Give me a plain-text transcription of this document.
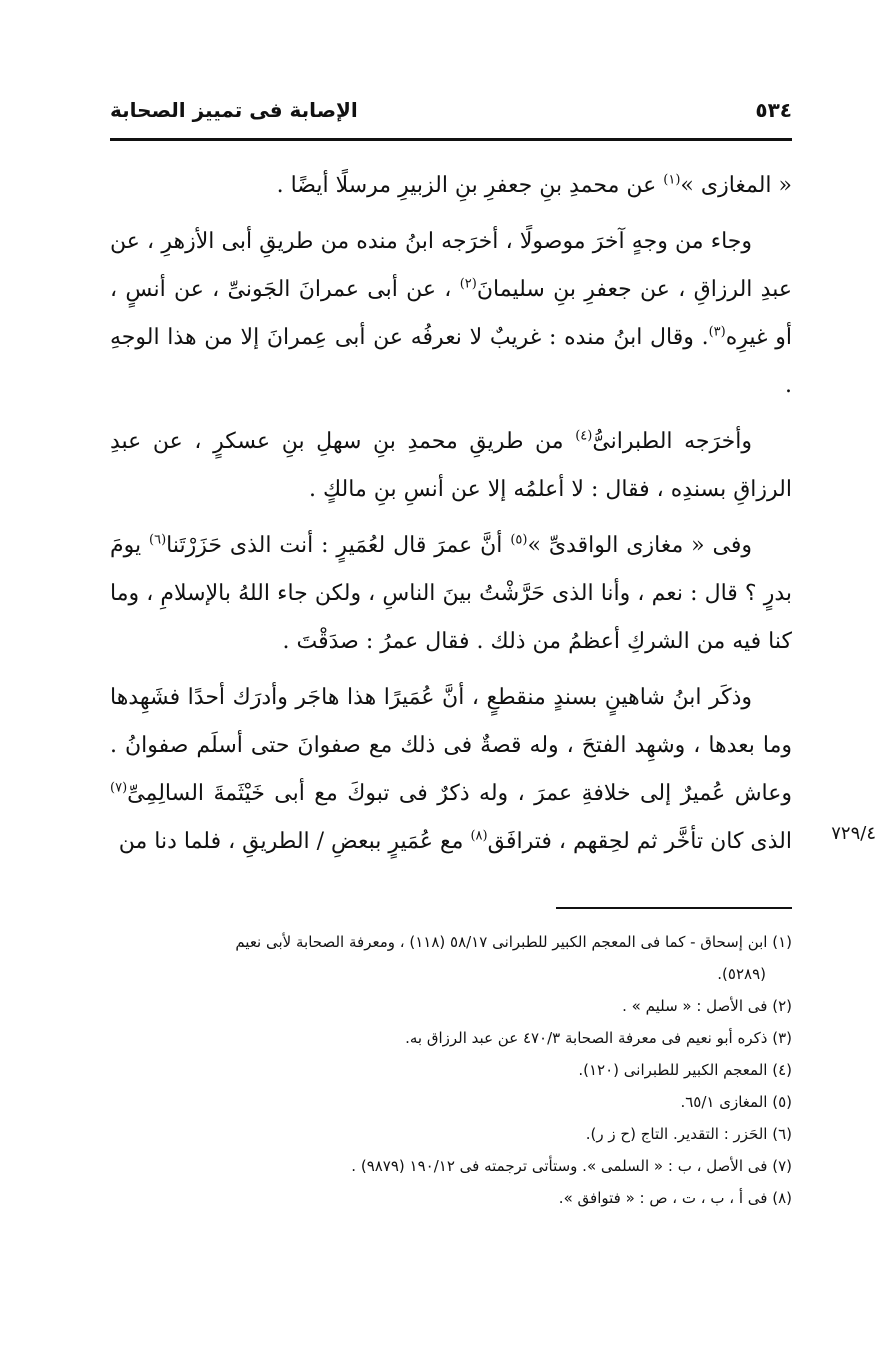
٥٣٤
الإصابة فى تمييز الصحابة

« المغازى »$^{(١)}$ عن محمدِ بنِ جعفرِ بنِ الزبيرِ مرسلًا أيضًا .

وجاء من وجهٍ آخرَ موصولًا ، أخرَجه ابنُ منده من طريقِ أبى الأزهرِ ، عن عبدِ الرزاقِ ، عن جعفرِ بنِ سليمانَ$^{(٢)}$ ، عن أبى عمرانَ الجَونىِّ ، عن أنسٍ ، أو غيرِه$^{(٣)}$. وقال ابنُ منده : غريبٌ لا نعرفُه عن أبى عِمرانَ إلا من هذا الوجهِ .

وأخرَجه الطبرانىُّ$^{(٤)}$ من طريقِ محمدِ بنِ سهلِ بنِ عسكرٍ ، عن عبدِ الرزاقِ بسندِه ، فقال : لا أعلمُه إلا عن أنسِ بنِ مالكٍ .

وفى « مغازى الواقدىِّ »$^{(٥)}$ أنَّ عمرَ قال لعُمَيرٍ : أنت الذى حَزَرْتَنا$^{(٦)}$ يومَ بدرٍ ؟ قال : نعم ، وأنا الذى حَرَّشْتُ بينَ الناسِ ، ولكن جاء اللهُ بالإسلامِ ، وما كنا فيه من الشركِ أعظمُ من ذلك . فقال عمرُ : صدَقْتَ .

وذكَر ابنُ شاهينٍ بسندٍ منقطعٍ ، أنَّ عُمَيرًا هذا هاجَر وأدرَك أحدًا فشَهِدها وما بعدها ، وشهِد الفتحَ ، وله قصةٌ فى ذلك مع صفوانَ حتى أسلَم صفوانُ . وعاش عُميرٌ إلى خلافةِ عمرَ ، وله ذكرٌ فى تبوكَ مع أبى خَيْثَمةَ السالِمِىِّ$^{(٧)}$ الذى كان تأخَّر ثم لحِقهم ، فترافَق$^{(٨)}$ مع عُمَيرٍ ببعضِ / الطريقِ ، فلما دنا من	٧٢٩/٤

(١) ابن إسحاق - كما فى المعجم الكبير للطبرانى ٥٨/١٧ (١١٨) ، ومعرفة الصحابة لأبى نعيم

(٥٢٨٩).

(٢) فى الأصل : « سليم » .

(٣) ذكره أبو نعيم فى معرفة الصحابة ٤٧٠/٣ عن عبد الرزاق به.

(٤) المعجم الكبير للطبرانى (١٢٠).

(٥) المغازى ٦٥/١.

(٦) الحَزر : التقدير. التاج (ح ز ر).

(٧) فى الأصل ، ب : « السلمى ». وستأتى ترجمته فى ١٩٠/١٢ (٩٨٧٩) .

(٨) فى أ ، ب ، ت ، ص : « فتوافق ».
